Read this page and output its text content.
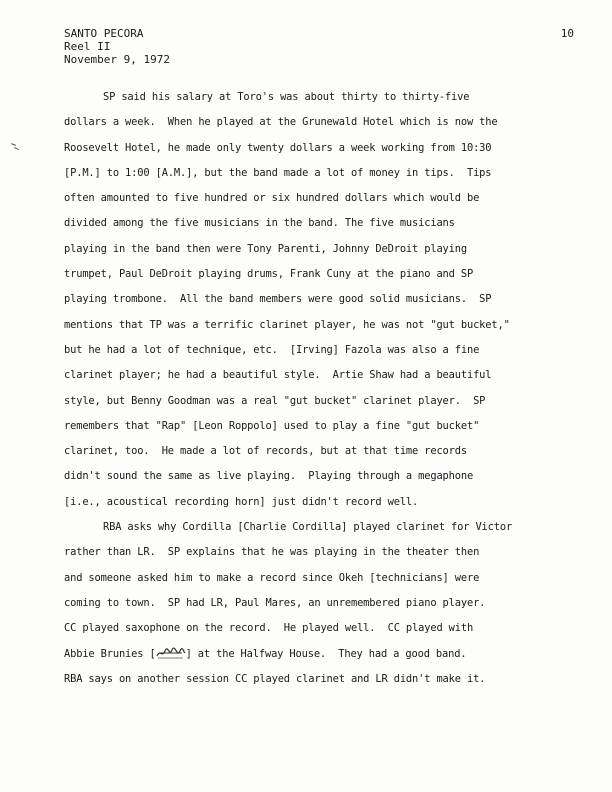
SANTO PECORA
Reel II
November 9, 1972
10
SP said his salary at Toro's was about thirty to thirty-five
dollars a week.  When he played at the Grunewald Hotel which is now the
Roosevelt Hotel, he made only twenty dollars a week working from 10:30
[P.M.] to 1:00 [A.M.], but the band made a lot of money in tips.  Tips
often amounted to five hundred or six hundred dollars which would be
divided among the five musicians in the band. The five musicians
playing in the band then were Tony Parenti, Johnny DeDroit playing
trumpet, Paul DeDroit playing drums, Frank Cuny at the piano and SP
playing trombone.  All the band members were good solid musicians.  SP
mentions that TP was a terrific clarinet player, he was not "gut bucket,"
but he had a lot of technique, etc.  [Irving] Fazola was also a fine
clarinet player; he had a beautiful style.  Artie Shaw had a beautiful
style, but Benny Goodman was a real "gut bucket" clarinet player.  SP
remembers that "Rap" [Leon Roppolo] used to play a fine "gut bucket"
clarinet, too.  He made a lot of records, but at that time records
didn't sound the same as live playing.  Playing through a megaphone
[i.e., acoustical recording horn] just didn't record well.
RBA asks why Cordilla [Charlie Cordilla] played clarinet for Victor
rather than LR.  SP explains that he was playing in the theater then
and someone asked him to make a record since Okeh [technicians] were
coming to town.  SP had LR, Paul Mares, an unremembered piano player.
CC played saxophone on the record.  He played well.  CC played with
Abbie Brunies [	] at the Halfway House.  They had a good band.
RBA says on another session CC played clarinet and LR didn't make it.
